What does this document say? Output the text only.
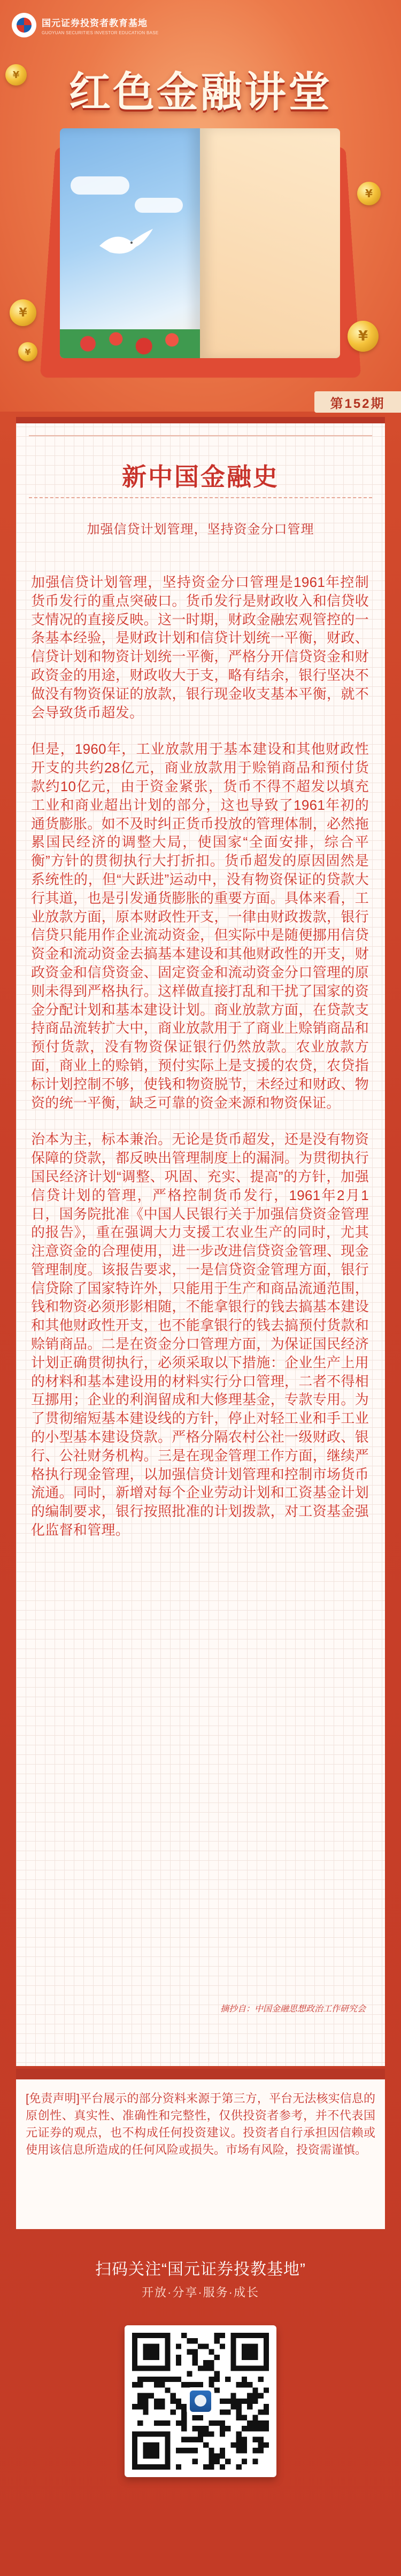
国元证券投资者教育基地
GUOYUAN SECURITIES INVESTOR EDUCATION BASE
红色金融讲堂
¥
¥
¥
¥
¥
第152期
新中国金融史
加强信贷计划管理，坚持资金分口管理

加强信贷计划管理，坚持资金分口管理是1961年控制货币发行的重点突破口。货币发行是财政收入和信贷收支情况的直接反映。这一时期，财政金融宏观管控的一条基本经验，是财政计划和信贷计划统一平衡，财政、信贷计划和物资计划统一平衡，严格分开信贷资金和财政资金的用途，财政收大于支，略有结余，银行坚决不做没有物资保证的放款，银行现金收支基本平衡，就不会导致货币超发。

但是，1960年，工业放款用于基本建设和其他财政性开支的共约28亿元，商业放款用于赊销商品和预付货款约10亿元，由于资金紧张，货币不得不超发以填充工业和商业超出计划的部分，这也导致了1961年初的通货膨胀。如不及时纠正货币投放的管理体制，必然拖累国民经济的调整大局，使国家“全面安排，综合平衡”方针的贯彻执行大打折扣。货币超发的原因固然是系统性的，但“大跃进”运动中，没有物资保证的贷款大行其道，也是引发通货膨胀的重要方面。具体来看，工业放款方面，原本财政性开支，一律由财政拨款，银行信贷只能用作企业流动资金，但实际中是随便挪用信贷资金和流动资金去搞基本建设和其他财政性的开支，财政资金和信贷资金、固定资金和流动资金分口管理的原则未得到严格执行。这样做直接打乱和干扰了国家的资金分配计划和基本建设计划。商业放款方面，在贷款支持商品流转扩大中，商业放款用于了商业上赊销商品和预付货款，没有物资保证银行仍然放款。农业放款方面，商业上的赊销，预付实际上是支援的农贷，农贷指标计划控制不够，使钱和物资脱节，未经过和财政、物资的统一平衡，缺乏可靠的资金来源和物资保证。

治本为主，标本兼治。无论是货币超发，还是没有物资保障的贷款，都反映出管理制度上的漏洞。为贯彻执行国民经济计划“调整、巩固、充实、提高”的方针，加强信贷计划的管理，严格控制货币发行，1961年2月1日，国务院批准《中国人民银行关于加强信贷资金管理的报告》，重在强调大力支援工农业生产的同时，尤其注意资金的合理使用，进一步改进信贷资金管理、现金管理制度。该报告要求，一是信贷资金管理方面，银行信贷除了国家特许外，只能用于生产和商品流通范围，钱和物资必须形影相随，不能拿银行的钱去搞基本建设和其他财政性开支，也不能拿银行的钱去搞预付货款和赊销商品。二是在资金分口管理方面，为保证国民经济计划正确贯彻执行，必须采取以下措施：企业生产上用的材料和基本建设用的材料实行分口管理，二者不得相互挪用；企业的利润留成和大修理基金，专款专用。为了贯彻缩短基本建设线的方针，停止对轻工业和手工业的小型基本建设贷款。严格分隔农村公社一级财政、银行、公社财务机构。三是在现金管理工作方面，继续严格执行现金管理，以加强信贷计划管理和控制市场货币流通。同时，新增对每个企业劳动计划和工资基金计划的编制要求，银行按照批准的计划拨款，对工资基金强化监督和管理。

摘抄自：中国金融思想政治工作研究会
[免责声明]平台展示的部分资料来源于第三方，平台无法核实信息的原创性、真实性、准确性和完整性，仅供投资者参考，并不代表国元证券的观点，也不构成任何投资建议。投资者自行承担因信赖或使用该信息所造成的任何风险或损失。市场有风险，投资需谨慎。
扫码关注“国元证券投教基地”
开放·分享·服务·成长
